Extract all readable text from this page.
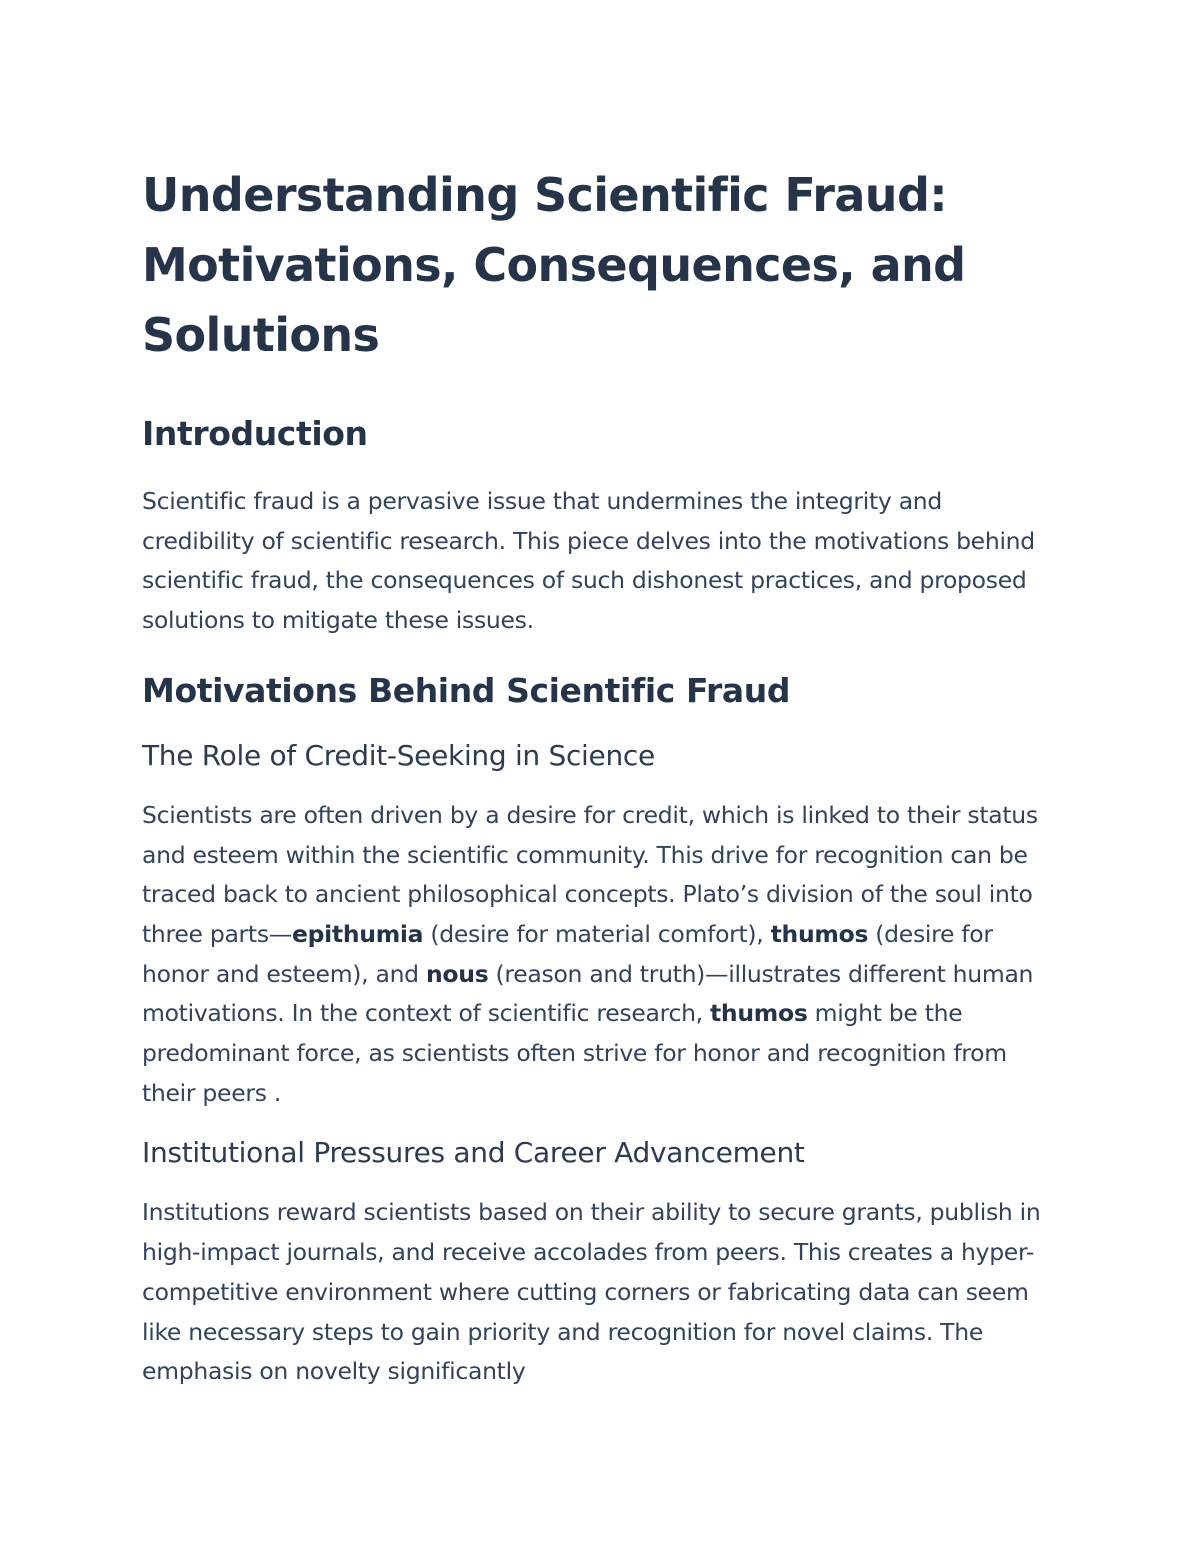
Understanding Scientific Fraud: Motivations, Consequences, and Solutions
Introduction

Scientific fraud is a pervasive issue that undermines the integrity and credibility of scientific research. This piece delves into the motivations behind scientific fraud, the consequences of such dishonest practices, and proposed solutions to mitigate these issues.

Motivations Behind Scientific Fraud
The Role of Credit-Seeking in Science

Scientists are often driven by a desire for credit, which is linked to their status and esteem within the scientific community. This drive for recognition can be traced back to ancient philosophical concepts. Plato’s division of the soul into three parts—epithumia (desire for material comfort), thumos (desire for honor and esteem), and nous (reason and truth)—illustrates different human motivations. In the context of scientific research, thumos might be the predominant force, as scientists often strive for honor and recognition from their peers .

Institutional Pressures and Career Advancement

Institutions reward scientists based on their ability to secure grants, publish in high-impact journals, and receive accolades from peers. This creates a hyper-competitive environment where cutting corners or fabricating data can seem like necessary steps to gain priority and recognition for novel claims. The emphasis on novelty significantly
